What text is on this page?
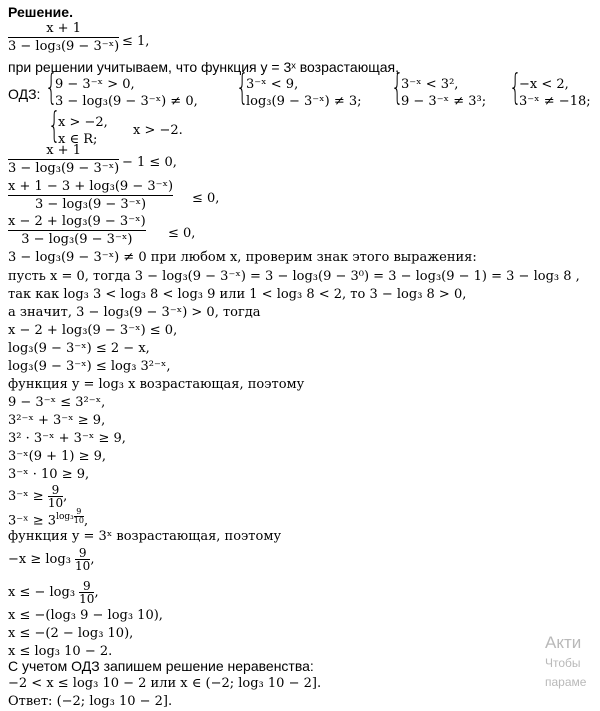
Решение.
x + 1
3 − log₃(9 − 3⁻ˣ) ≤ 1,
при решении учитываем, что функция y = 3ˣ возрастающая,
ОДЗ: {
9 − 3⁻ˣ > 0,
3 − log₃(9 − 3⁻ˣ) ≠ 0, {
3⁻ˣ < 9,
log₃(9 − 3⁻ˣ) ≠ 3; {
3⁻ˣ < 3²,
9 − 3⁻ˣ ≠ 3³; {
−x < 2,
3⁻ˣ ≠ −18;
{
x > −2,
x ∈ R;
x > −2.
x + 1
3 − log₃(9 − 3⁻ˣ) − 1 ≤ 0,
x + 1 − 3 + log₃(9 − 3⁻ˣ)
3 − log₃(9 − 3⁻ˣ)	≤ 0,
x − 2 + log₃(9 − 3⁻ˣ)
3 − log₃(9 − 3⁻ˣ)	≤ 0,
3 − log₃(9 − 3⁻ˣ) ≠ 0 при любом x, проверим знак этого выражения:
пусть x = 0, тогда 3 − log₃(9 − 3⁻ˣ) = 3 − log₃(9 − 3⁰) = 3 − log₃(9 − 1) = 3 − log₃ 8 ,
так как log₃ 3 < log₃ 8 < log₃ 9 или 1 < log₃ 8 < 2, то 3 − log₃ 8 > 0,
а значит, 3 − log₃(9 − 3⁻ˣ) > 0, тогда
x − 2 + log₃(9 − 3⁻ˣ) ≤ 0,
log₃(9 − 3⁻ˣ) ≤ 2 − x,
log₃(9 − 3⁻ˣ) ≤ log₃ 3²⁻ˣ,
функция y = log₃ x возрастающая, поэтому
9 − 3⁻ˣ ≤ 3²⁻ˣ,
3²⁻ˣ + 3⁻ˣ ≥ 9,
3² · 3⁻ˣ + 3⁻ˣ ≥ 9,
3⁻ˣ(9 + 1) ≥ 9,
3⁻ˣ · 10 ≥ 9,
3⁻ˣ ≥ $\frac{9}{10}$ ,
3⁻ˣ ≥ $3^{log_3 \frac{9}{10}}$ ,
функция y = 3ˣ возрастающая, поэтому
$-x \ge \log_3 \frac{9}{10}$ ,
x ≤ − $\log_3 \frac{9}{10}$ ,
x ≤ −(log₃ 9 − log₃ 10),
x ≤ −(2 − log₃ 10),
x ≤ log₃ 10 − 2.
С учетом ОДЗ запишем решение неравенства:
−2 < x ≤ log₃ 10 − 2 или x ∈ (−2; log₃ 10 − 2].
Ответ: (−2; log₃ 10 − 2].
Акти
Чтобы
параме
